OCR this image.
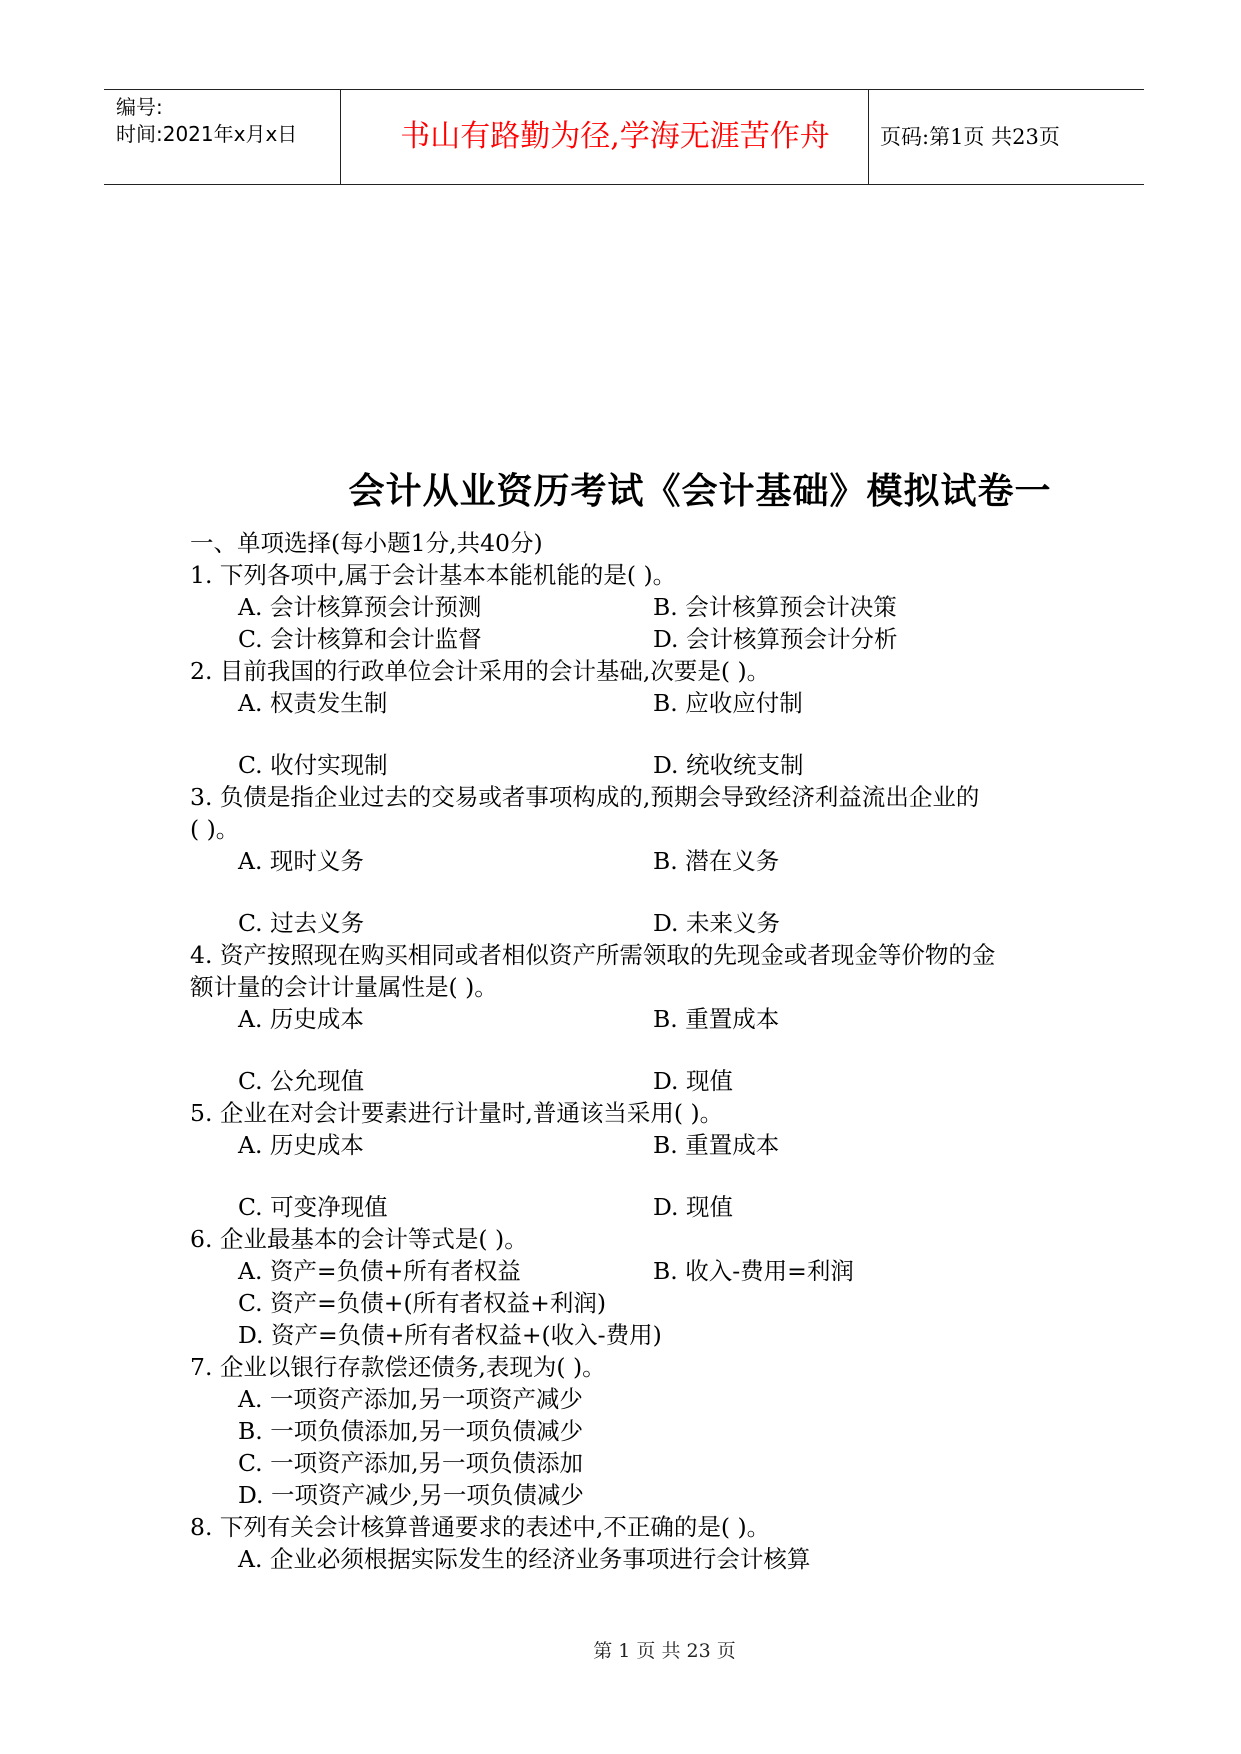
编号:
时间:2021年x月x日	书山有路勤为径,学海无涯苦作舟	页码:第1页 共23页
会计从业资历考试《会计基础》模拟试卷一
一、单项选择(每小题1分,共40分)
1. 下列各项中,属于会计基本本能机能的是( )。
A. 会计核算预会计预测	B. 会计核算预会计决策
C. 会计核算和会计监督	D. 会计核算预会计分析
2. 目前我国的行政单位会计采用的会计基础,次要是( )。
A. 权责发生制	B. 应收应付制
C. 收付实现制	D. 统收统支制
3. 负债是指企业过去的交易或者事项构成的,预期会导致经济利益流出企业的
( )。
A. 现时义务	B. 潜在义务
C. 过去义务	D. 未来义务
4. 资产按照现在购买相同或者相似资产所需领取的先现金或者现金等价物的金
额计量的会计计量属性是( )。
A. 历史成本	B. 重置成本
C. 公允现值	D. 现值
5. 企业在对会计要素进行计量时,普通该当采用( )。
A. 历史成本	B. 重置成本
C. 可变净现值	D. 现值
6. 企业最基本的会计等式是( )。
A. 资产=负债+所有者权益	B. 收入-费用=利润
C. 资产=负债+(所有者权益+利润)
D. 资产=负债+所有者权益+(收入-费用)
7. 企业以银行存款偿还债务,表现为( )。
A. 一项资产添加,另一项资产减少
B. 一项负债添加,另一项负债减少
C. 一项资产添加,另一项负债添加
D. 一项资产减少,另一项负债减少
8. 下列有关会计核算普通要求的表述中,不正确的是( )。
A. 企业必须根据实际发生的经济业务事项进行会计核算
第 1 页 共 23 页
